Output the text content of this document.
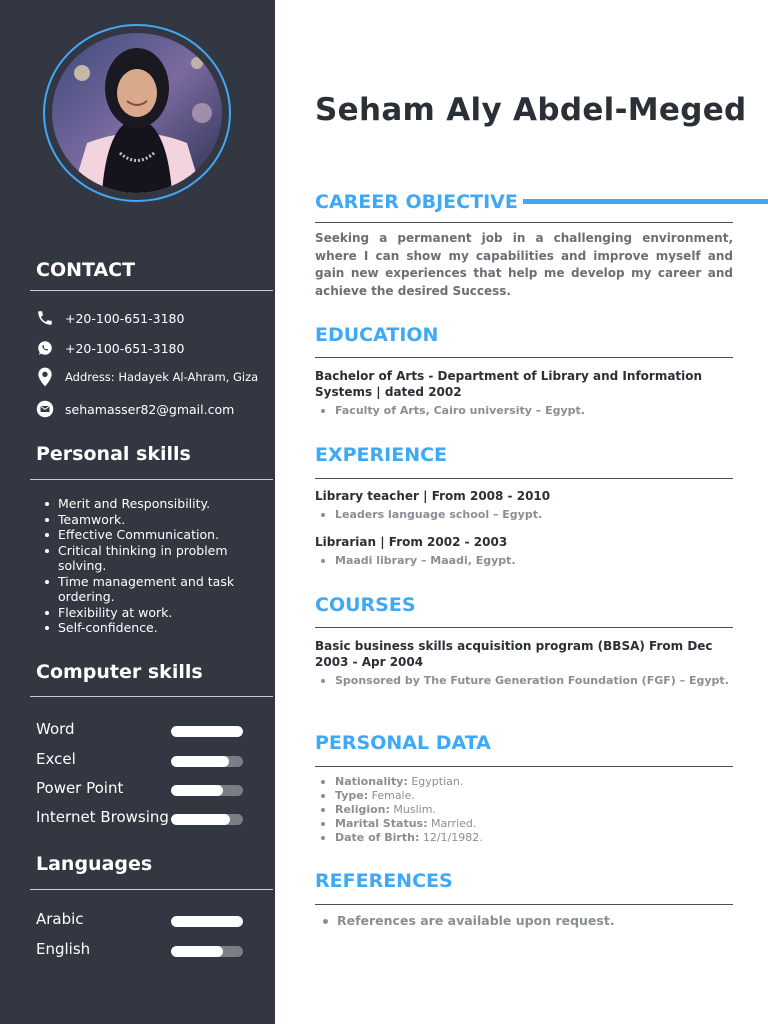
CONTACT
+20-100-651-3180
+20-100-651-3180
Address: Hadayek Al-Ahram, Giza
sehamasser82@gmail.com
Personal skills
Merit and Responsibility.
Teamwork.
Effective Communication.
Critical thinking in problem solving.
Time management and task ordering.
Flexibility at work.
Self-confidence.
Computer skills
Word
Excel
Power Point
Internet Browsing
Languages
Arabic
English
Seham Aly Abdel-Meged
CAREER OBJECTIVE
Seeking a permanent job in a challenging environment, where I can show my capabilities and improve myself and gain new experiences that help me develop my career and achieve the desired Success.
EDUCATION
Bachelor of Arts - Department of Library and Information Systems | dated 2002
Faculty of Arts, Cairo university – Egypt.
EXPERIENCE
Library teacher | From 2008 - 2010
Leaders language school – Egypt.
Librarian | From 2002 - 2003
Maadi library – Maadi, Egypt.
COURSES
Basic business skills acquisition program (BBSA) From Dec 2003 - Apr 2004
Sponsored by The Future Generation Foundation (FGF) – Egypt.
PERSONAL DATA
Nationality: Egyptian.
Type: Female.
Religion: Muslim.
Marital Status: Married.
Date of Birth: 12/1/1982.
REFERENCES
References are available upon request.
